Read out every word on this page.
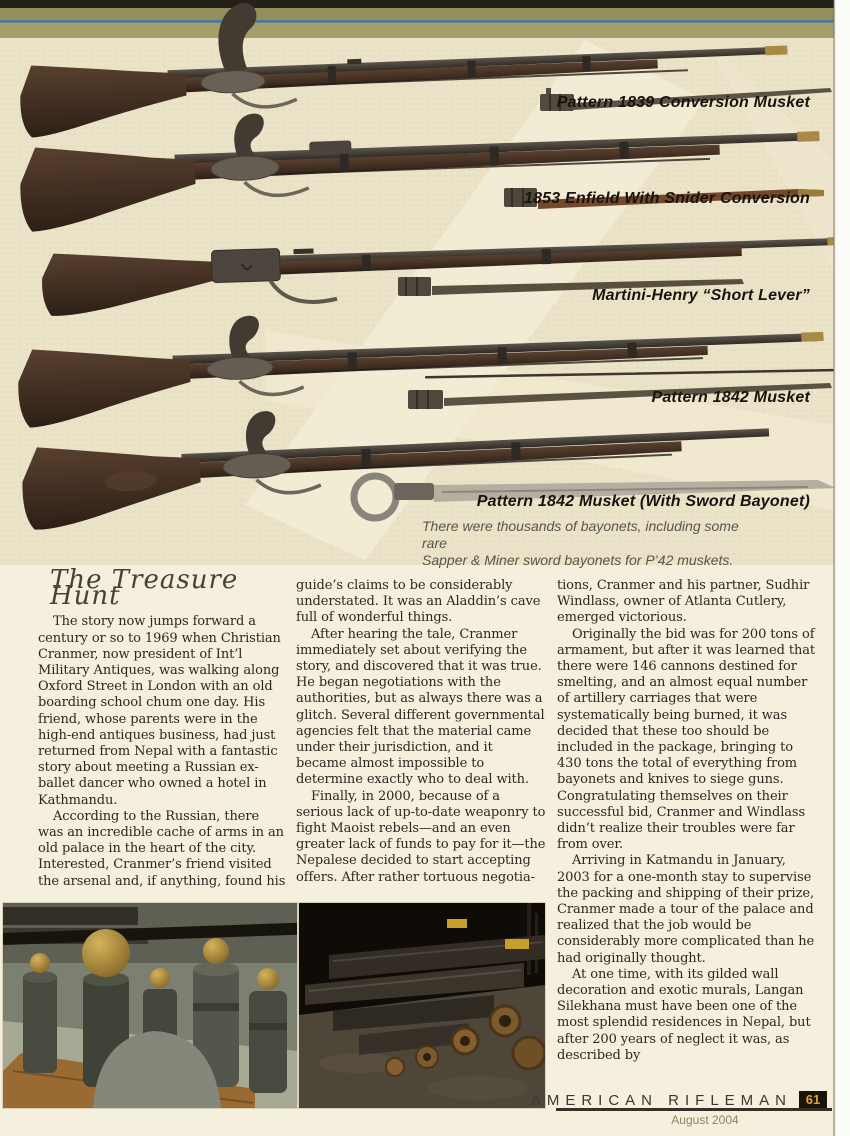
Pattern 1839 Conversion Musket
1853 Enfield With Snider Conversion
Martini-Henry “Short Lever”
Pattern 1842 Musket
Pattern 1842 Musket (With Sword Bayonet)
There were thousands of bayonets, including some rare
Sapper & Miner sword bayonets for P’42 muskets.
The Treasure Hunt

The story now jumps forward a century or so to 1969 when Christian Cranmer, now president of Int’l Military Antiques, was walking along Oxford Street in London with an old boarding school chum one day. His friend, whose parents were in the high-end antiques business, had just returned from Nepal with a fantastic story about meeting a Russian ex-ballet dancer who owned a hotel in Kathmandu.

According to the Russian, there was an incredible cache of arms in an old palace in the heart of the city. Interested, Cranmer’s friend visited the arsenal and, if anything, found his

guide’s claims to be considerably understated. It was an Aladdin’s cave full of wonderful things.

After hearing the tale, Cranmer immediately set about verifying the story, and discovered that it was true. He began negotiations with the authorities, but as always there was a glitch. Several different governmental agencies felt that the material came under their jurisdiction, and it became almost impossible to determine exactly who to deal with.

Finally, in 2000, because of a serious lack of up-to-date weaponry to fight Maoist rebels—and an even greater lack of funds to pay for it—the Nepalese decided to start accepting offers. After rather tortuous negotia-

tions, Cranmer and his partner, Sudhir Windlass, owner of Atlanta Cutlery, emerged victorious.

Originally the bid was for 200 tons of armament, but after it was learned that there were 146 cannons destined for smelting, and an almost equal number of artillery carriages that were systematically being burned, it was decided that these too should be included in the package, bringing to 430 tons the total of everything from bayonets and knives to siege guns. Congratulating themselves on their successful bid, Cranmer and Windlass didn’t realize their troubles were far from over.

Arriving in Katmandu in January, 2003 for a one-month stay to supervise the packing and shipping of their prize, Cranmer made a tour of the palace and realized that the job would be considerably more complicated than he had originally thought.

At one time, with its gilded wall decoration and exotic murals, Langan Silekhana must have been one of the most splendid residences in Nepal, but after 200 years of neglect it was, as described by

AMERICAN RIFLEMAN	61
August 2004
